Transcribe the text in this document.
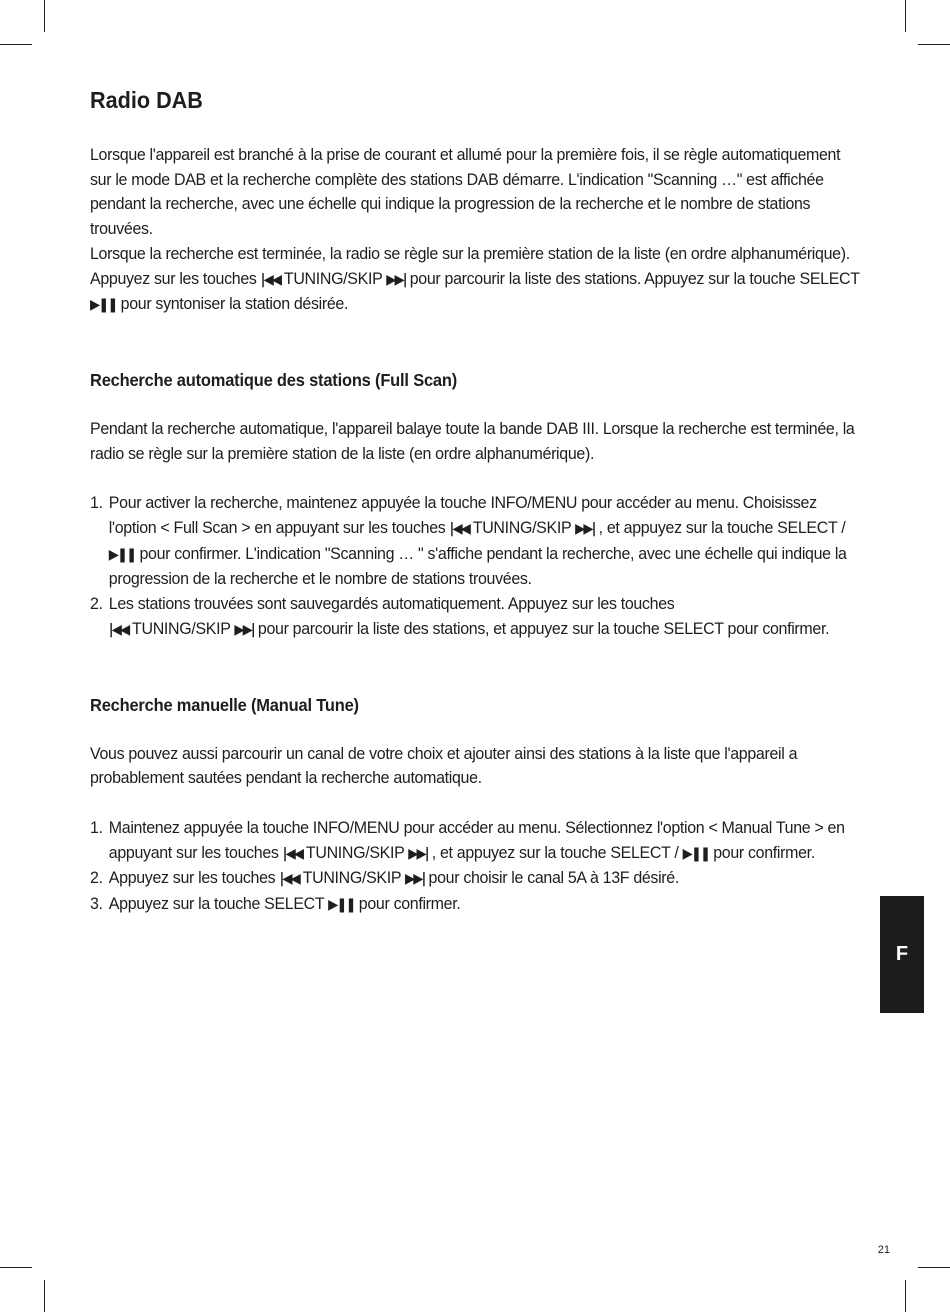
Radio DAB

Lorsque l'appareil est branché à la prise de courant et allumé pour la première fois, il se règle automatiquement sur le mode DAB et la recherche complète des stations DAB démarre. L'indication "Scanning …" est affichée pendant la recherche, avec une échelle qui indique la progression de la recherche et le nombre de stations trouvées.

Lorsque la recherche est terminée, la radio se règle sur la première station de la liste (en ordre alphanumérique). Appuyez sur les touches |◀◀ TUNING/SKIP ▶▶| pour parcourir la liste des stations. Appuyez sur la touche SELECT ▶❚❚ pour syntoniser la station désirée.

Recherche automatique des stations (Full Scan)

Pendant la recherche automatique, l'appareil balaye toute la bande DAB III. Lorsque la recherche est terminée, la radio se règle sur la première station de la liste (en ordre alphanumérique).

1. Pour activer la recherche, maintenez appuyée la touche INFO/MENU pour accéder au menu. Choisissez l'option < Full Scan > en appuyant sur les touches |◀◀ TUNING/SKIP ▶▶| , et appuyez sur la touche SELECT / ▶❚❚ pour confirmer. L'indication "Scanning … " s'affiche pendant la recherche, avec une échelle qui indique la progression de la recherche et le nombre de stations trouvées.
2. Les stations trouvées sont sauvegardés automatiquement. Appuyez sur les touches
|◀◀ TUNING/SKIP ▶▶| pour parcourir la liste des stations, et appuyez sur la touche SELECT pour confirmer.
Recherche manuelle (Manual Tune)

Vous pouvez aussi parcourir un canal de votre choix et ajouter ainsi des stations à la liste que l'appareil a probablement sautées pendant la recherche automatique.

1. Maintenez appuyée la touche INFO/MENU pour accéder au menu. Sélectionnez l'option < Manual Tune > en appuyant sur les touches |◀◀ TUNING/SKIP ▶▶| , et appuyez sur la touche SELECT / ▶❚❚ pour confirmer.
2. Appuyez sur les touches |◀◀ TUNING/SKIP ▶▶| pour choisir le canal 5A à 13F désiré.
3. Appuyez sur la touche SELECT ▶❚❚ pour confirmer.
F
21
